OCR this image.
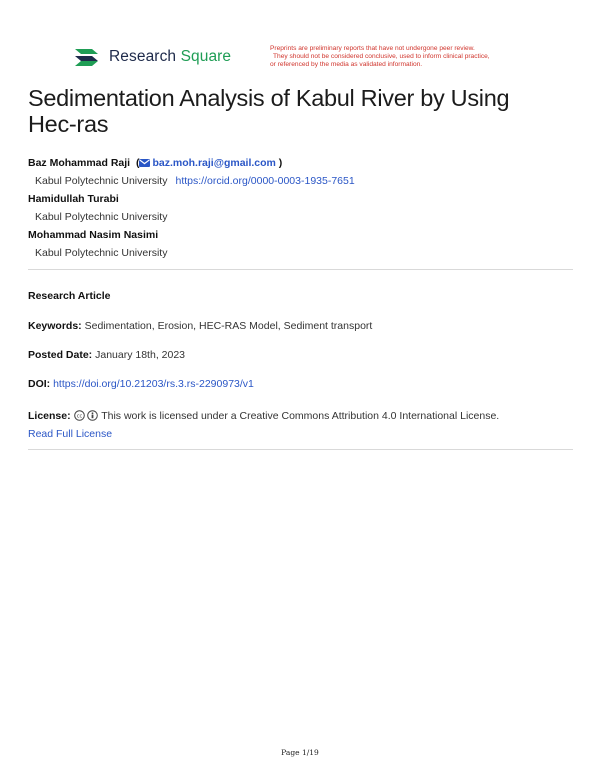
Research Square	Preprints are preliminary reports that have not undergone peer review.
They should not be considered conclusive, used to inform clinical practice,
or referenced by the media as validated information.
Sedimentation Analysis of Kabul River by Using
Hec-ras
Baz Mohammad Raji  ( baz.moh.raji@gmail.com )
Kabul Polytechnic University https://orcid.org/0000-0003-1935-7651
Hamidullah Turabi
Kabul Polytechnic University
Mohammad Nasim Nasimi
Kabul Polytechnic University
Research Article
Keywords: Sedimentation, Erosion, HEC-RAS Model, Sediment transport
Posted Date: January 18th, 2023
DOI: https://doi.org/10.21203/rs.3.rs-2290973/v1
License: cc This work is licensed under a Creative Commons Attribution 4.0 International License.
Read Full License
Page 1/19
